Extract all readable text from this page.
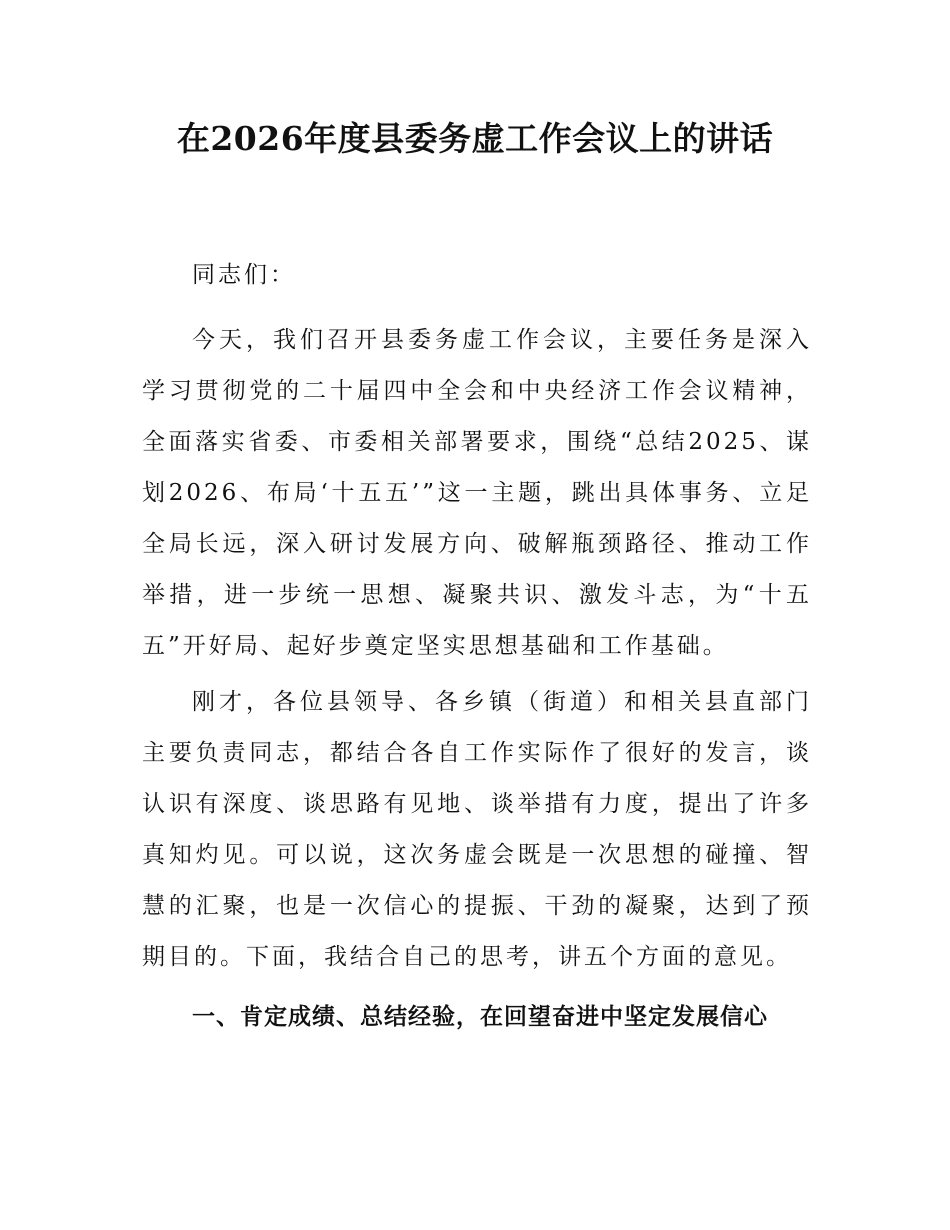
在2026年度县委务虚工作会议上的讲话

同志们：

今天，我们召开县委务虚工作会议，主要任务是深入学习贯彻党的二十届四中全会和中央经济工作会议精神，全面落实省委、市委相关部署要求，围绕“总结2025、谋划2026、布局‘十五五’”这一主题，跳出具体事务、立足全局长远，深入研讨发展方向、破解瓶颈路径、推动工作举措，进一步统一思想、凝聚共识、激发斗志，为“十五五”开好局、起好步奠定坚实思想基础和工作基础。

刚才，各位县领导、各乡镇（街道）和相关县直部门主要负责同志，都结合各自工作实际作了很好的发言，谈认识有深度、谈思路有见地、谈举措有力度，提出了许多真知灼见。可以说，这次务虚会既是一次思想的碰撞、智慧的汇聚，也是一次信心的提振、干劲的凝聚，达到了预期目的。下面，我结合自己的思考，讲五个方面的意见。

一、肯定成绩、总结经验，在回望奋进中坚定发展信心
